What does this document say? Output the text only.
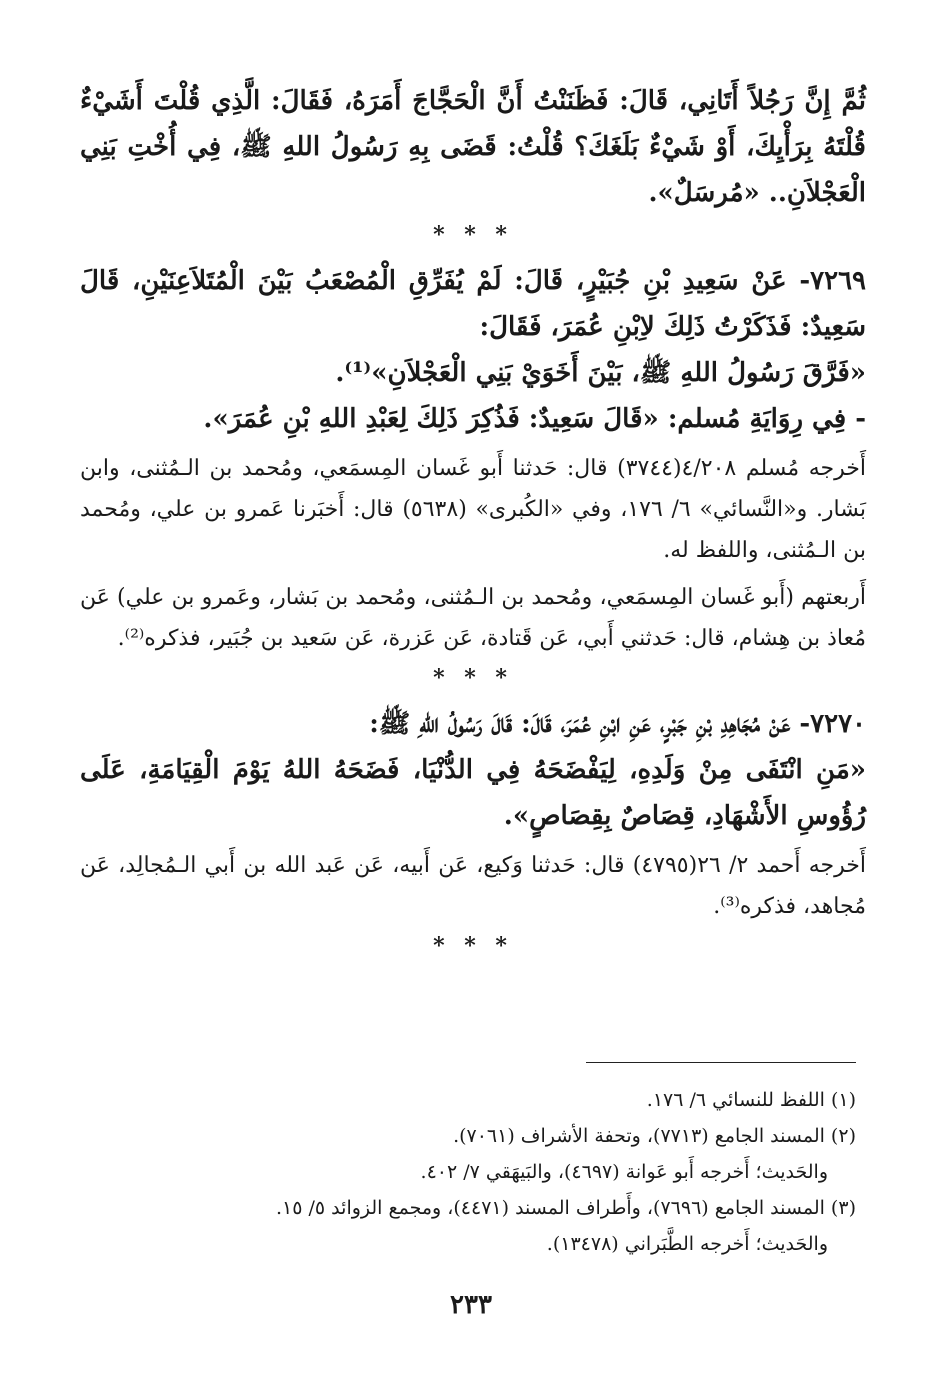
ثُمَّ إِنَّ رَجُلاً أَتَانِي، قَالَ: فَظَنَنْتُ أَنَّ الْحَجَّاجَ أَمَرَهُ، فَقَالَ: الَّذِي قُلْتَ أَشَيْءٌ قُلْتَهُ بِرَأْيِكَ، أَوْ شَيْءٌ بَلَغَكَ؟ قُلْتُ: قَضَى بِهِ رَسُولُ اللهِ ﷺ، فِي أُخْتِ بَنِي الْعَجْلاَنِ.. «مُرسَلٌ».

* * *

٧٢٦٩- عَنْ سَعِيدِ بْنِ جُبَيْرٍ، قَالَ: لَمْ يُفَرِّقِ الْمُصْعَبُ بَيْنَ الْمُتَلاَعِنَيْنِ، قَالَ سَعِيدٌ: فَذَكَرْتُ ذَلِكَ لاِبْنِ عُمَرَ، فَقَالَ:

«فَرَّقَ رَسُولُ اللهِ ﷺ، بَيْنَ أَخَوَيْ بَنِي الْعَجْلاَنِ»⁽¹⁾.

- فِي رِوَايَةِ مُسلم: «قَالَ سَعِيدٌ: فَذُكِرَ ذَلِكَ لِعَبْدِ اللهِ بْنِ عُمَرَ».

أَخرجه مُسلم ٤/٢٠٨(٣٧٤٤) قال: حَدثنا أَبو غَسان المِسمَعي، ومُحمد بن الـمُثنى، وابن بَشار. و«النَّسائي» ٦/ ١٧٦، وفي «الكُبرى» (٥٦٣٨) قال: أَخبَرنا عَمرو بن علي، ومُحمد بن الـمُثنى، واللفظ له.

أَربعتهم (أَبو غَسان المِسمَعي، ومُحمد بن الـمُثنى، ومُحمد بن بَشار، وعَمرو بن علي) عَن مُعاذ بن هِشام، قال: حَدثني أَبي، عَن قَتادة، عَن عَزرة، عَن سَعيد بن جُبَير، فذكره⁽²⁾.

* * *

٧٢٧٠- عَنْ مُجَاهِدِ بْنِ جَبْرٍ، عَنِ ابْنِ عُمَرَ، قَالَ: قَالَ رَسُولُ اللهِ ﷺ:

«مَنِ انْتَفَى مِنْ وَلَدِهِ، لِيَفْضَحَهُ فِي الدُّنْيَا، فَضَحَهُ اللهُ يَوْمَ الْقِيَامَةِ، عَلَى رُؤُوسِ الأَشْهَادِ، قِصَاصٌ بِقِصَاصٍ».

أَخرجه أَحمد ٢/ ٢٦(٤٧٩٥) قال: حَدثنا وَكيع، عَن أَبيه، عَن عَبد الله بن أَبي الـمُجالِد، عَن مُجاهد، فذكره⁽³⁾.

* * *

(١) اللفظ للنسائي ٦/ ١٧٦.

(٢) المسند الجامع (٧٧١٣)، وتحفة الأشراف (٧٠٦١).

والحَديث؛ أَخرجه أَبو عَوانة (٤٦٩٧)، والبَيهَقي ٧/ ٤٠٢.

(٣) المسند الجامع (٧٦٩٦)، وأَطراف المسند (٤٤٧١)، ومجمع الزوائد ٥/ ١٥.

والحَديث؛ أَخرجه الطَّبَراني (١٣٤٧٨).

٢٣٣
